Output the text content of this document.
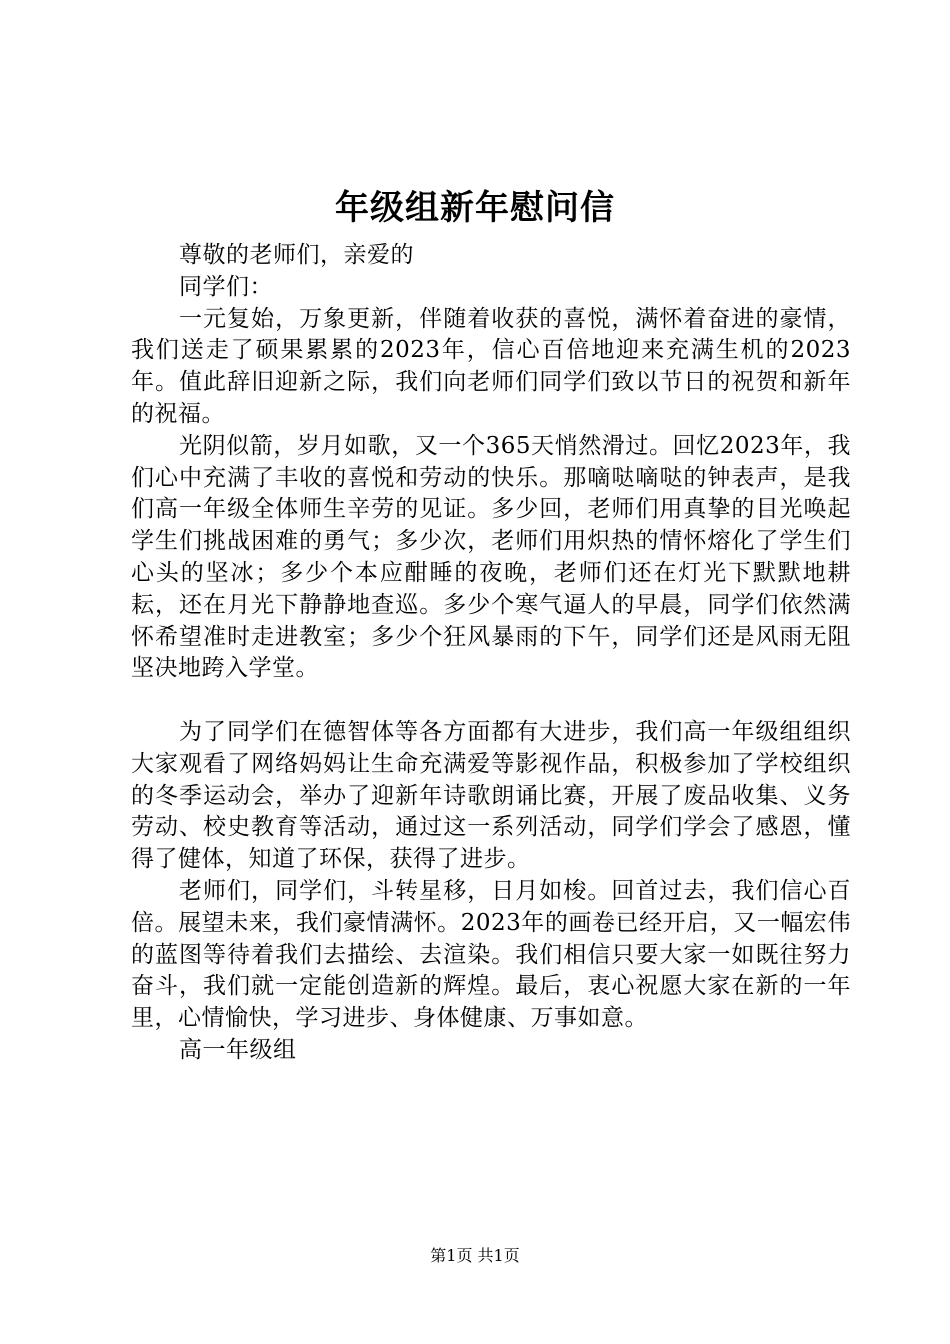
年级组新年慰问信

尊敬的老师们，亲爱的

同学们：

一元复始，万象更新，伴随着收获的喜悦，满怀着奋进的豪情，我们送走了硕果累累的2023年，信心百倍地迎来充满生机的2023年。值此辞旧迎新之际，我们向老师们同学们致以节日的祝贺和新年的祝福。

光阴似箭，岁月如歌，又一个365天悄然滑过。回忆2023年，我们心中充满了丰收的喜悦和劳动的快乐。那嘀哒嘀哒的钟表声，是我们高一年级全体师生辛劳的见证。多少回，老师们用真挚的目光唤起学生们挑战困难的勇气；多少次，老师们用炽热的情怀熔化了学生们心头的坚冰；多少个本应酣睡的夜晚，老师们还在灯光下默默地耕耘，还在月光下静静地查巡。多少个寒气逼人的早晨，同学们依然满怀希望准时走进教室；多少个狂风暴雨的下午，同学们还是风雨无阻坚决地跨入学堂。

为了同学们在德智体等各方面都有大进步，我们高一年级组组织大家观看了网络妈妈让生命充满爱等影视作品，积极参加了学校组织的冬季运动会，举办了迎新年诗歌朗诵比赛，开展了废品收集、义务劳动、校史教育等活动，通过这一系列活动，同学们学会了感恩，懂得了健体，知道了环保，获得了进步。

老师们，同学们，斗转星移，日月如梭。回首过去，我们信心百倍。展望未来，我们豪情满怀。2023年的画卷已经开启，又一幅宏伟的蓝图等待着我们去描绘、去渲染。我们相信只要大家一如既往努力奋斗，我们就一定能创造新的辉煌。最后，衷心祝愿大家在新的一年里，心情愉快，学习进步、身体健康、万事如意。

高一年级组

第1页 共1页
